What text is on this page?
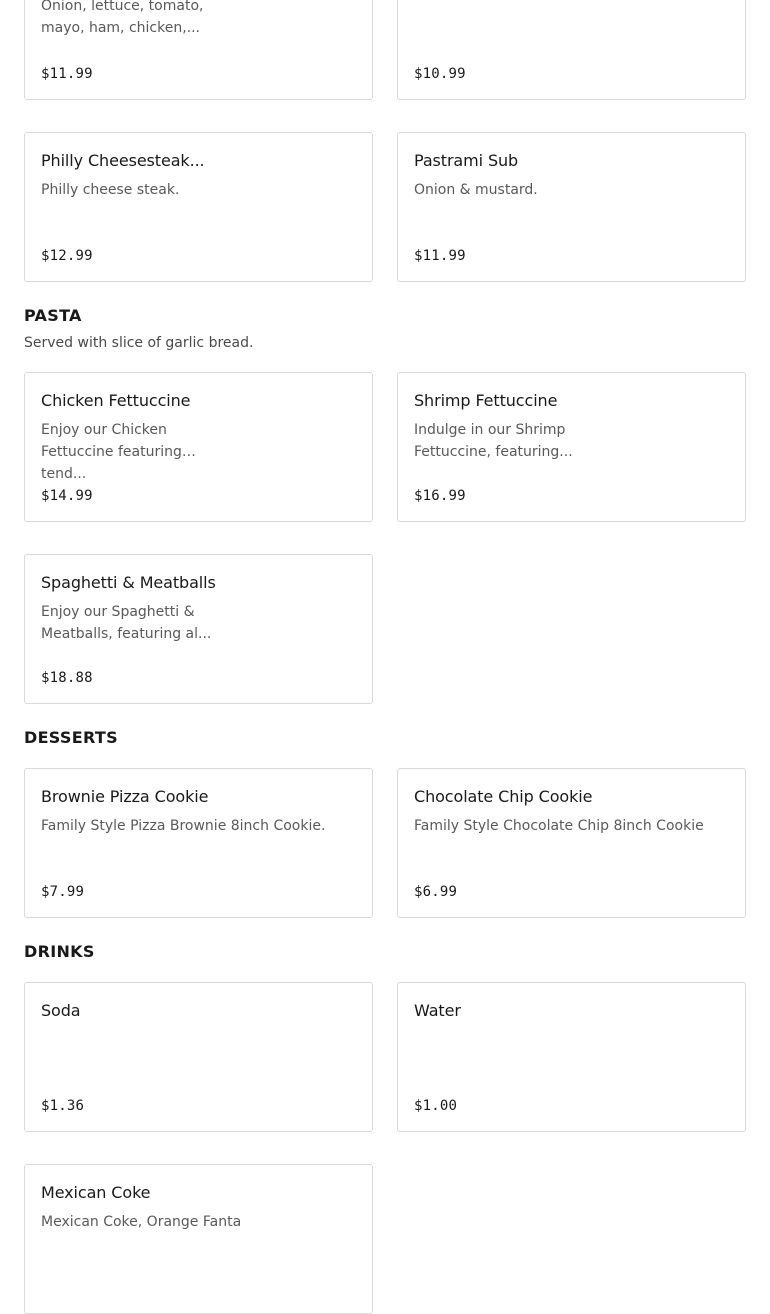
Onion, lettuce, tomato, mayo, ham, chicken,...
$11.99	$10.99
Philly Cheesesteak...
Philly cheese steak.
$12.99
Pastrami Sub
Onion & mustard.
$11.99
PASTA
Served with slice of garlic bread.
Chicken Fettuccine
Enjoy our Chicken Fettuccine featuring tend...
$14.99
Shrimp Fettuccine
Indulge in our Shrimp Fettuccine, featuring...
$16.99
Spaghetti & Meatballs
Enjoy our Spaghetti & Meatballs, featuring al...
$18.88
DESSERTS
Brownie Pizza Cookie
Family Style Pizza Brownie 8inch Cookie.
$7.99
Chocolate Chip Cookie
Family Style Chocolate Chip 8inch Cookie
$6.99
DRINKS
Soda
$1.36
Water
$1.00
Mexican Coke
Mexican Coke, Orange Fanta
